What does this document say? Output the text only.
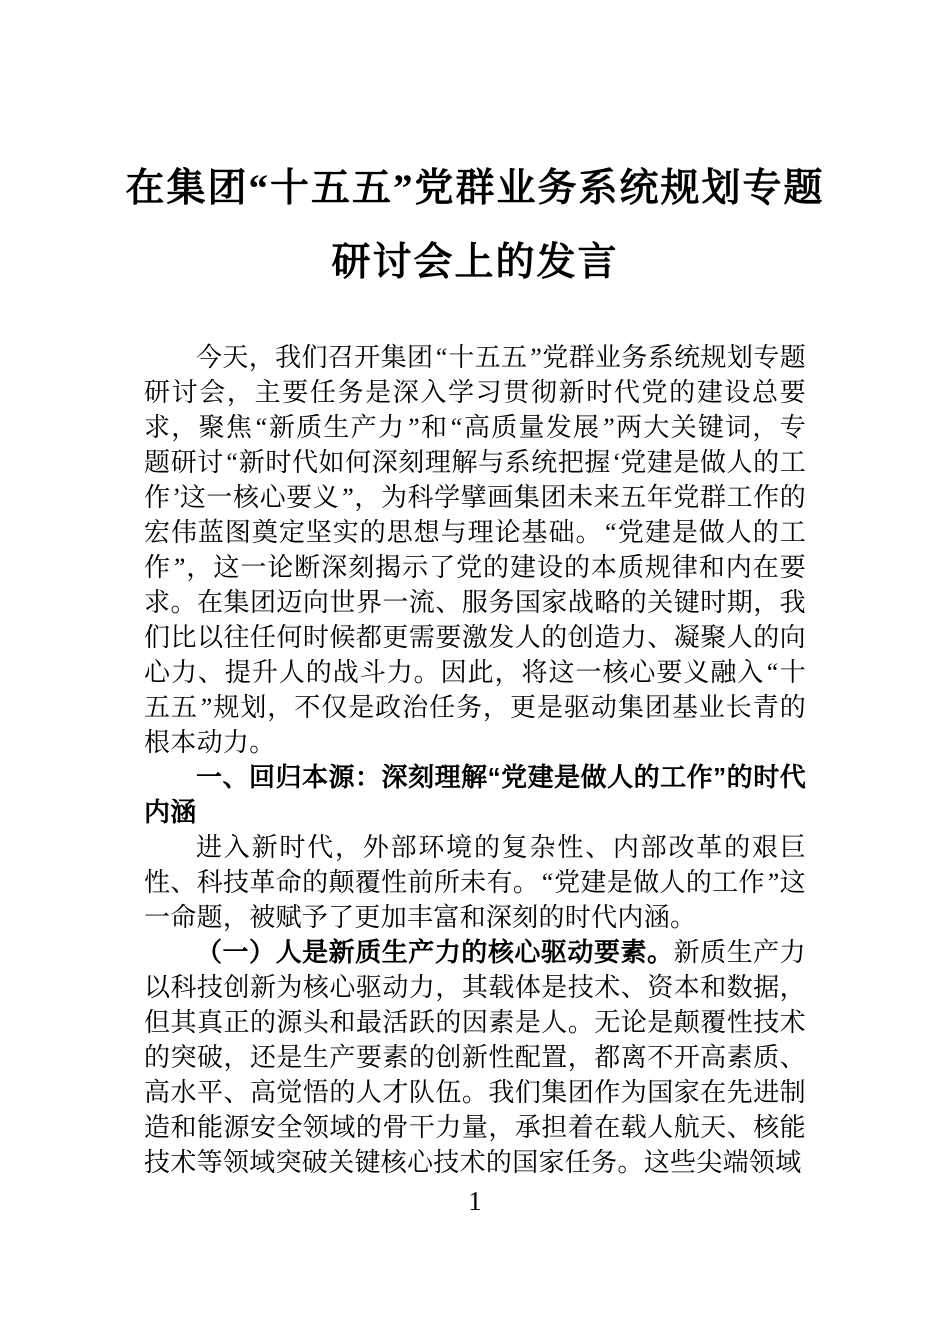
在集团“十五五”党群业务系统规划专题
研讨会上的发言

今天，我们召开集团“十五五”党群业务系统规划专题研讨会，主要任务是深入学习贯彻新时代党的建设总要求，聚焦“新质生产力”和“高质量发展”两大关键词，专题研讨“新时代如何深刻理解与系统把握‘党建是做人的工作’这一核心要义”，为科学擘画集团未来五年党群工作的宏伟蓝图奠定坚实的思想与理论基础。“党建是做人的工作”，这一论断深刻揭示了党的建设的本质规律和内在要求。在集团迈向世界一流、服务国家战略的关键时期，我们比以往任何时候都更需要激发人的创造力、凝聚人的向心力、提升人的战斗力。因此，将这一核心要义融入“十五五”规划，不仅是政治任务，更是驱动集团基业长青的根本动力。

一、回归本源：深刻理解“党建是做人的工作”的时代内涵

进入新时代，外部环境的复杂性、内部改革的艰巨性、科技革命的颠覆性前所未有。“党建是做人的工作”这一命题，被赋予了更加丰富和深刻的时代内涵。

（一）人是新质生产力的核心驱动要素。新质生产力以科技创新为核心驱动力，其载体是技术、资本和数据，但其真正的源头和最活跃的因素是人。无论是颠覆性技术的突破，还是生产要素的创新性配置，都离不开高素质、高水平、高觉悟的人才队伍。我们集团作为国家在先进制造和能源安全领域的骨干力量，承担着在载人航天、核能技术等领域突破关键核心技术的国家任务。这些尖端领域

1
